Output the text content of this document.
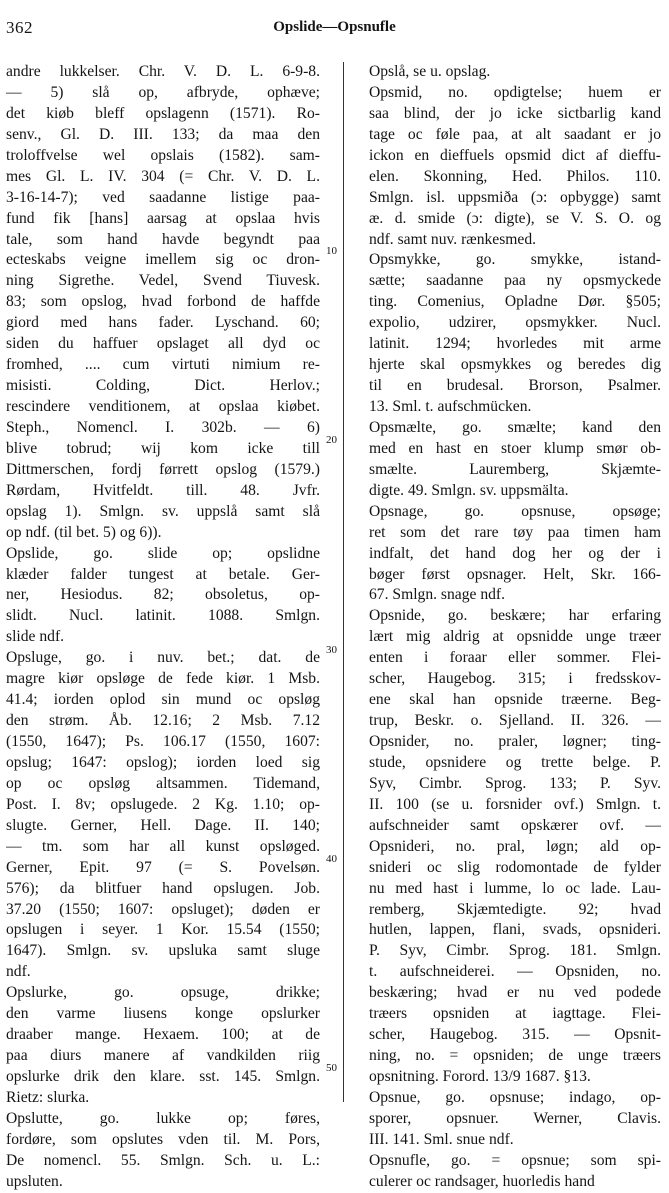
362	Opslide—Opsnufle
andre lukkelser. Chr. V. D. L. 6-9-8.
— 5) slå op, afbryde, ophæve;
det kiøb bleff opslagenn (1571). Ro-
senv., Gl. D. III. 133; da maa den
troloffvelse wel opslais (1582). sam-
mes Gl. L. IV. 304 (= Chr. V. D. L.
3-16-14-7); ved saadanne listige paa-
fund fik [hans] aarsag at opslaa hvis
tale, som hand havde begyndt paa
ecteskabs veigne imellem sig oc dron-
ning Sigrethe. Vedel, Svend Tiuvesk.
83; som opslog, hvad forbond de haffde
giord med hans fader. Lyschand. 60;
siden du haffuer opslaget all dyd oc
fromhed, .... cum virtuti nimium re-
misisti. Colding, Dict. Herlov.;
rescindere venditionem, at opslaa kiøbet.
Steph., Nomencl. I. 302b. — 6)
blive tobrud; wij kom icke till
Dittmerschen, fordj førrett opslog (1579.)
Rørdam, Hvitfeldt. till. 48. Jvfr.
opslag 1). Smlgn. sv. uppslå samt slå
op ndf. (til bet. 5) og 6)).
Opslide, go. slide op; opslidne
klæder falder tungest at betale. Ger-
ner, Hesiodus. 82; obsoletus, op-
slidt. Nucl. latinit. 1088. Smlgn.
slide ndf.
Opsluge, go. i nuv. bet.; dat. de
magre kiør opsløge de fede kiør. 1 Msb.
41.4; iorden oplod sin mund oc opsløg
den strøm. Åb. 12.16; 2 Msb. 7.12
(1550, 1647); Ps. 106.17 (1550, 1607:
opslug; 1647: opslog); iorden loed sig
op oc opsløg altsammen. Tidemand,
Post. I. 8v; opslugede. 2 Kg. 1.10; op-
slugte. Gerner, Hell. Dage. II. 140;
— tm. som har all kunst opsløged.
Gerner, Epit. 97 (= S. Povelsøn.
576); da blitfuer hand opslugen. Job.
37.20 (1550; 1607: opsluget); døden er
opslugen i seyer. 1 Kor. 15.54 (1550;
1647). Smlgn. sv. upsluka samt sluge
ndf.
Opslurke, go. opsuge, drikke;
den varme liusens konge opslurker
draaber mange. Hexaem. 100; at de
paa diurs manere af vandkilden riig
opslurke drik den klare. sst. 145. Smlgn.
Rietz: slurka.
Opslutte, go. lukke op; føres,
fordøre, som opslutes vden til. M. Pors,
De nomencl. 55. Smlgn. Sch. u. L.:
upsluten.
Opslå, se u. opslag.
Opsmid, no. opdigtelse; huem er
saa blind, der jo icke sictbarlig kand
tage oc føle paa, at alt saadant er jo
ickon en dieffuels opsmid dict af dieffu-
elen. Skonning, Hed. Philos. 110.
Smlgn. isl. uppsmiða (ɔ: opbygge) samt
æ. d. smide (ɔ: digte), se V. S. O. og
ndf. samt nuv. rænkesmed.
Opsmykke, go. smykke, istand-
sætte; saadanne paa ny opsmyckede
ting. Comenius, Opladne Dør. §505;
expolio, udzirer, opsmykker. Nucl.
latinit. 1294; hvorledes mit arme
hjerte skal opsmykkes og beredes dig
til en brudesal. Brorson, Psalmer.
13. Sml. t. aufschmücken.
Opsmælte, go. smælte; kand den
med en hast en stoer klump smør ob-
smælte. Lauremberg, Skjæmte-
digte. 49. Smlgn. sv. uppsmälta.
Opsnage, go. opsnuse, opsøge;
ret som det rare tøy paa timen ham
indfalt, det hand dog her og der i
bøger først opsnager. Helt, Skr. 166-
67. Smlgn. snage ndf.
Opsnide, go. beskære; har erfaring
lært mig aldrig at opsnidde unge træer
enten i foraar eller sommer. Flei-
scher, Haugebog. 315; i fredsskov-
ene skal han opsnide træerne. Beg-
trup, Beskr. o. Sjelland. II. 326. —
Opsnider, no. praler, løgner; ting-
stude, opsnidere og trette belge. P.
Syv, Cimbr. Sprog. 133; P. Syv.
II. 100 (se u. forsnider ovf.) Smlgn. t.
aufschneider samt opskærer ovf. —
Opsnideri, no. pral, løgn; ald op-
snideri oc slig rodomontade de fylder
nu med hast i lumme, lo oc lade. Lau-
remberg, Skjæmtedigte. 92; hvad
hutlen, lappen, flani, svads, opsnideri.
P. Syv, Cimbr. Sprog. 181. Smlgn.
t. aufschneiderei. — Opsniden, no.
beskæring; hvad er nu ved podede
træers opsniden at iagttage. Flei-
scher, Haugebog. 315. — Opsnit-
ning, no. = opsniden; de unge træers
opsnitning. Forord. 13/9 1687. §13.
Opsnue, go. opsnuse; indago, op-
sporer, opsnuer. Werner, Clavis.
III. 141. Sml. snue ndf.
Opsnufle, go. = opsnue; som spi-
culerer oc randsager, huorledis hand
10
20
30
40
50
